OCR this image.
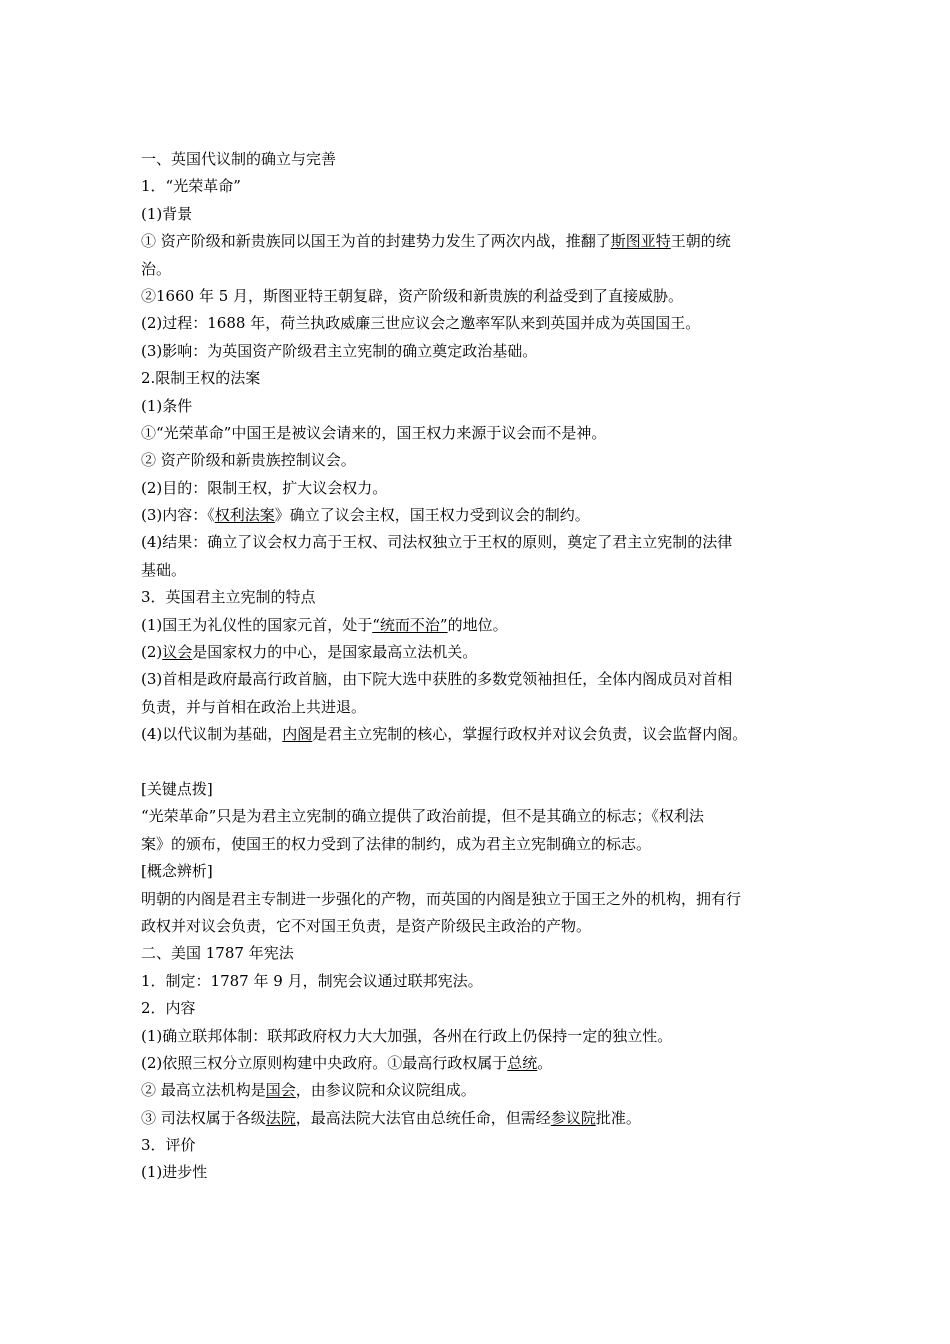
一、英国代议制的确立与完善
1．“光荣革命”
(1)背景
① 资产阶级和新贵族同以国王为首的封建势力发生了两次内战，推翻了斯图亚特王朝的统
治。
②1660 年 5 月，斯图亚特王朝复辟，资产阶级和新贵族的利益受到了直接威胁。
(2)过程：1688 年，荷兰执政威廉三世应议会之邀率军队来到英国并成为英国国王。
(3)影响：为英国资产阶级君主立宪制的确立奠定政治基础。
2.限制王权的法案
(1)条件
①“光荣革命”中国王是被议会请来的，国王权力来源于议会而不是神。
② 资产阶级和新贵族控制议会。
(2)目的：限制王权，扩大议会权力。
(3)内容：《权利法案》确立了议会主权，国王权力受到议会的制约。
(4)结果：确立了议会权力高于王权、司法权独立于王权的原则，奠定了君主立宪制的法律
基础。
3．英国君主立宪制的特点
(1)国王为礼仪性的国家元首，处于“统而不治”的地位。
(2)议会是国家权力的中心，是国家最高立法机关。
(3)首相是政府最高行政首脑，由下院大选中获胜的多数党领袖担任，全体内阁成员对首相
负责，并与首相在政治上共进退。
(4)以代议制为基础，内阁是君主立宪制的核心，掌握行政权并对议会负责，议会监督内阁。
[关键点拨]
“光荣革命”只是为君主立宪制的确立提供了政治前提，但不是其确立的标志；《权利法
案》的颁布，使国王的权力受到了法律的制约，成为君主立宪制确立的标志。
[概念辨析]
明朝的内阁是君主专制进一步强化的产物，而英国的内阁是独立于国王之外的机构，拥有行
政权并对议会负责，它不对国王负责，是资产阶级民主政治的产物。
二、美国 1787 年宪法
1．制定：1787 年 9 月，制宪会议通过联邦宪法。
2．内容
(1)确立联邦体制：联邦政府权力大大加强，各州在行政上仍保持一定的独立性。
(2)依照三权分立原则构建中央政府。①最高行政权属于总统。
② 最高立法机构是国会，由参议院和众议院组成。
③ 司法权属于各级法院，最高法院大法官由总统任命，但需经参议院批准。
3．评价
(1)进步性
